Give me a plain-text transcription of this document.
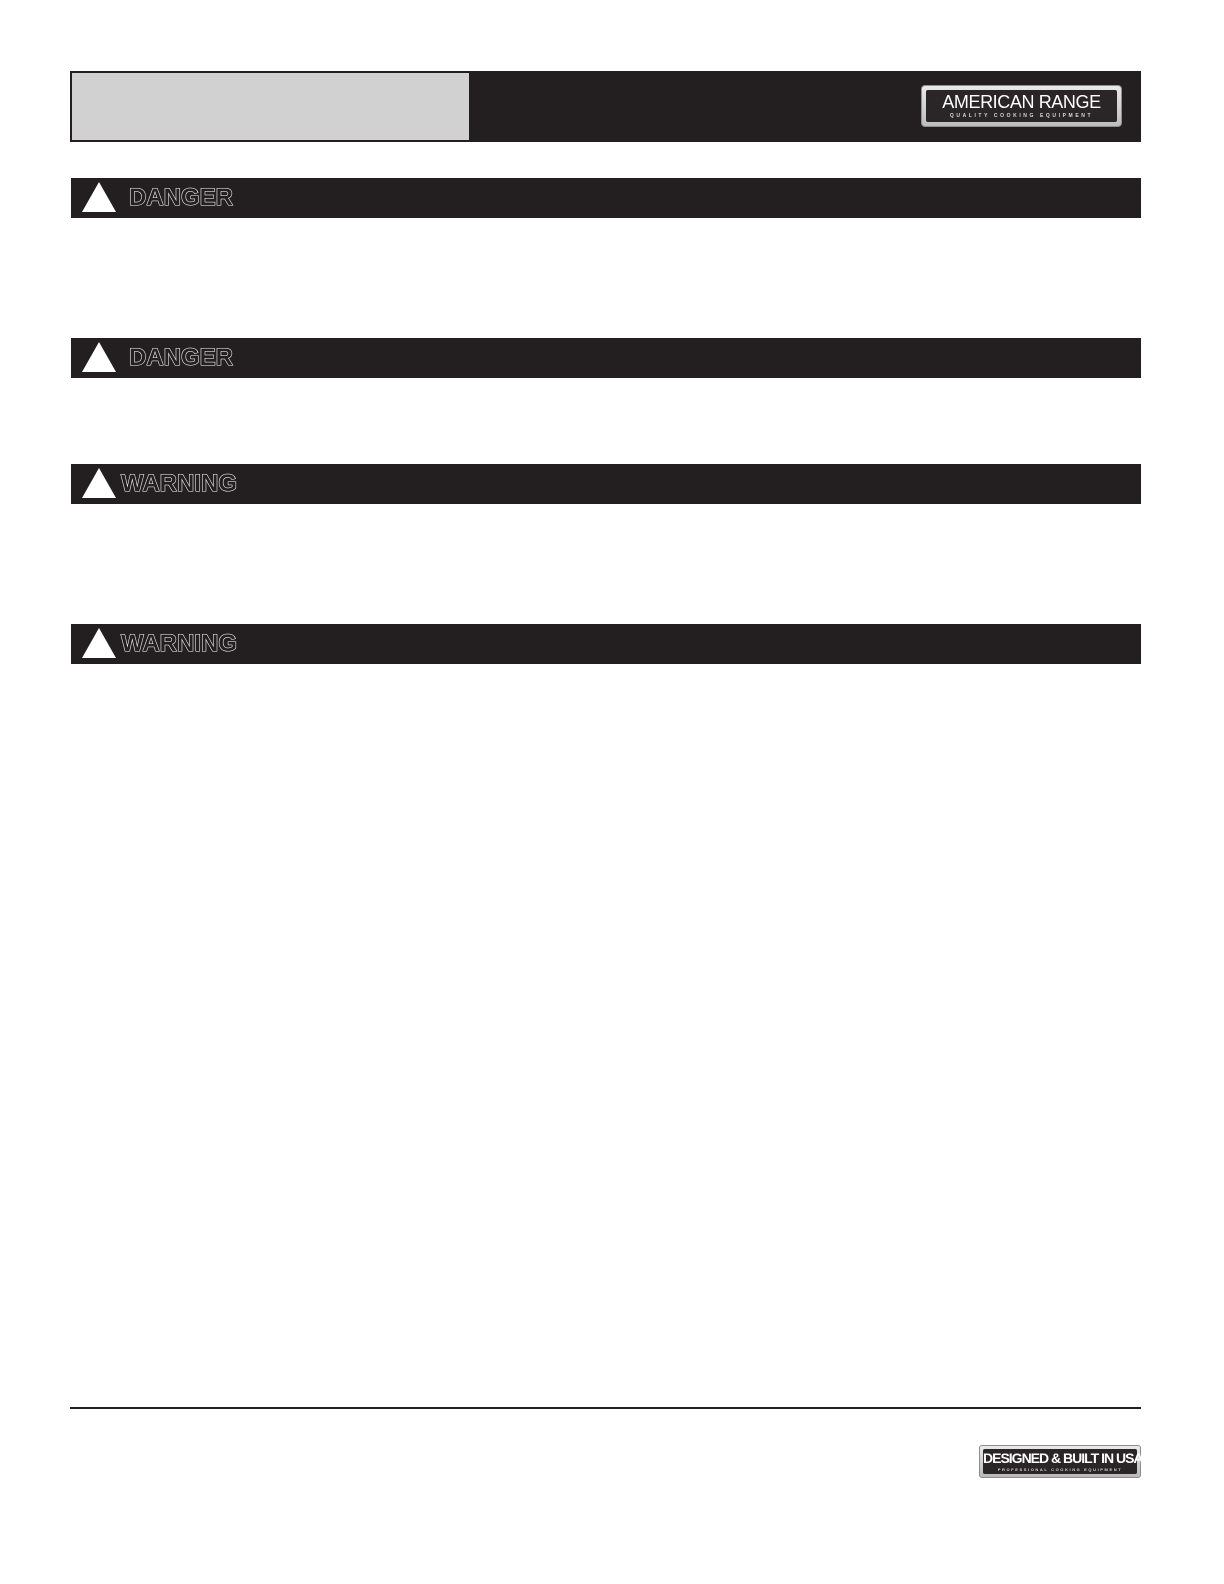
AMERICAN RANGE
QUALITY COOKING EQUIPMENT
DANGER
DANGER
WARNING
WARNING
DESIGNED & BUILT IN USA
PROFESSIONAL COOKING EQUIPMENT
